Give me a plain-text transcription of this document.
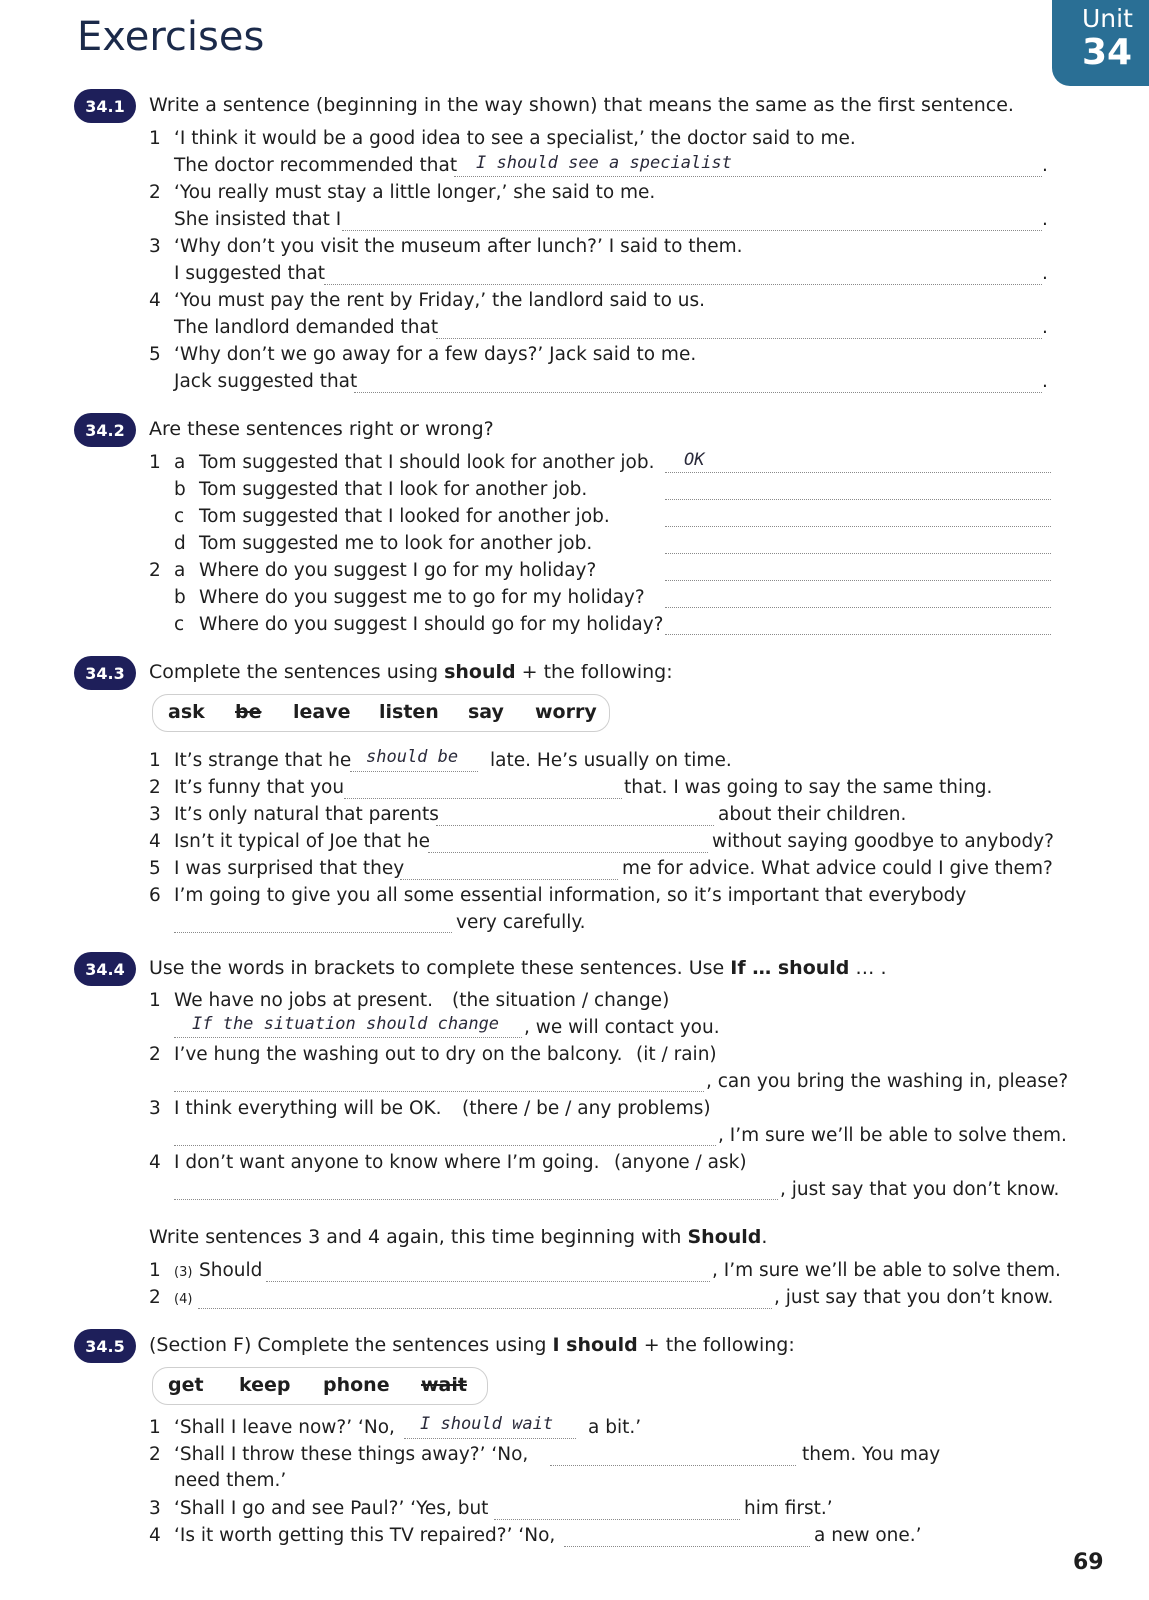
Exercises	Unit
34
34.1	Write a sentence (beginning in the way shown) that means the same as the first sentence.
1 ‘I think it would be a good idea to see a specialist,’ the doctor said to me.
The doctor recommended that I should see a specialist	.
2 ‘You really must stay a little longer,’ she said to me.
She insisted that I	.
3 ‘Why don’t you visit the museum after lunch?’ I said to them.
I suggested that	.
4 ‘You must pay the rent by Friday,’ the landlord said to us.
The landlord demanded that	.
5 ‘Why don’t we go away for a few days?’ Jack said to me.
Jack suggested that	.
34.2	Are these sentences right or wrong?
1 a Tom suggested that I should look for another job. OK
b Tom suggested that I look for another job.
c Tom suggested that I looked for another job.
d Tom suggested me to look for another job.
2 a Where do you suggest I go for my holiday?
b Where do you suggest me to go for my holiday?
c Where do you suggest I should go for my holiday?
34.3	Complete the sentences using should + the following:
ask be leave listen say worry
1 It’s strange that he should be late. He’s usually on time.
2 It’s funny that you	that. I was going to say the same thing.
3 It’s only natural that parents	about their children.
4 Isn’t it typical of Joe that he	without saying goodbye to anybody?
5 I was surprised that they	me for advice. What advice could I give them?
6 I’m going to give you all some essential information, so it’s important that everybody
very carefully.
34.4	Use the words in brackets to complete these sentences. Use If … should … .
1 We have no jobs at present. (the situation / change)
If the situation should change , we will contact you.
2 I’ve hung the washing out to dry on the balcony. (it / rain)
, can you bring the washing in, please?
3 I think everything will be OK. (there / be / any problems)
, I’m sure we’ll be able to solve them.
4 I don’t want anyone to know where I’m going. (anyone / ask)
, just say that you don’t know.
Write sentences 3 and 4 again, this time beginning with Should.
1 (3) Should	, I’m sure we’ll be able to solve them.
2 (4)	, just say that you don’t know.
34.5	(Section F) Complete the sentences using I should + the following:
get keep phone wait
1 ‘Shall I leave now?’ ‘No, I should wait a bit.’
2 ‘Shall I throw these things away?’ ‘No,	them. You may
need them.’
3 ‘Shall I go and see Paul?’ ‘Yes, but	him first.’
4 ‘Is it worth getting this TV repaired?’ ‘No,	a new one.’
69
